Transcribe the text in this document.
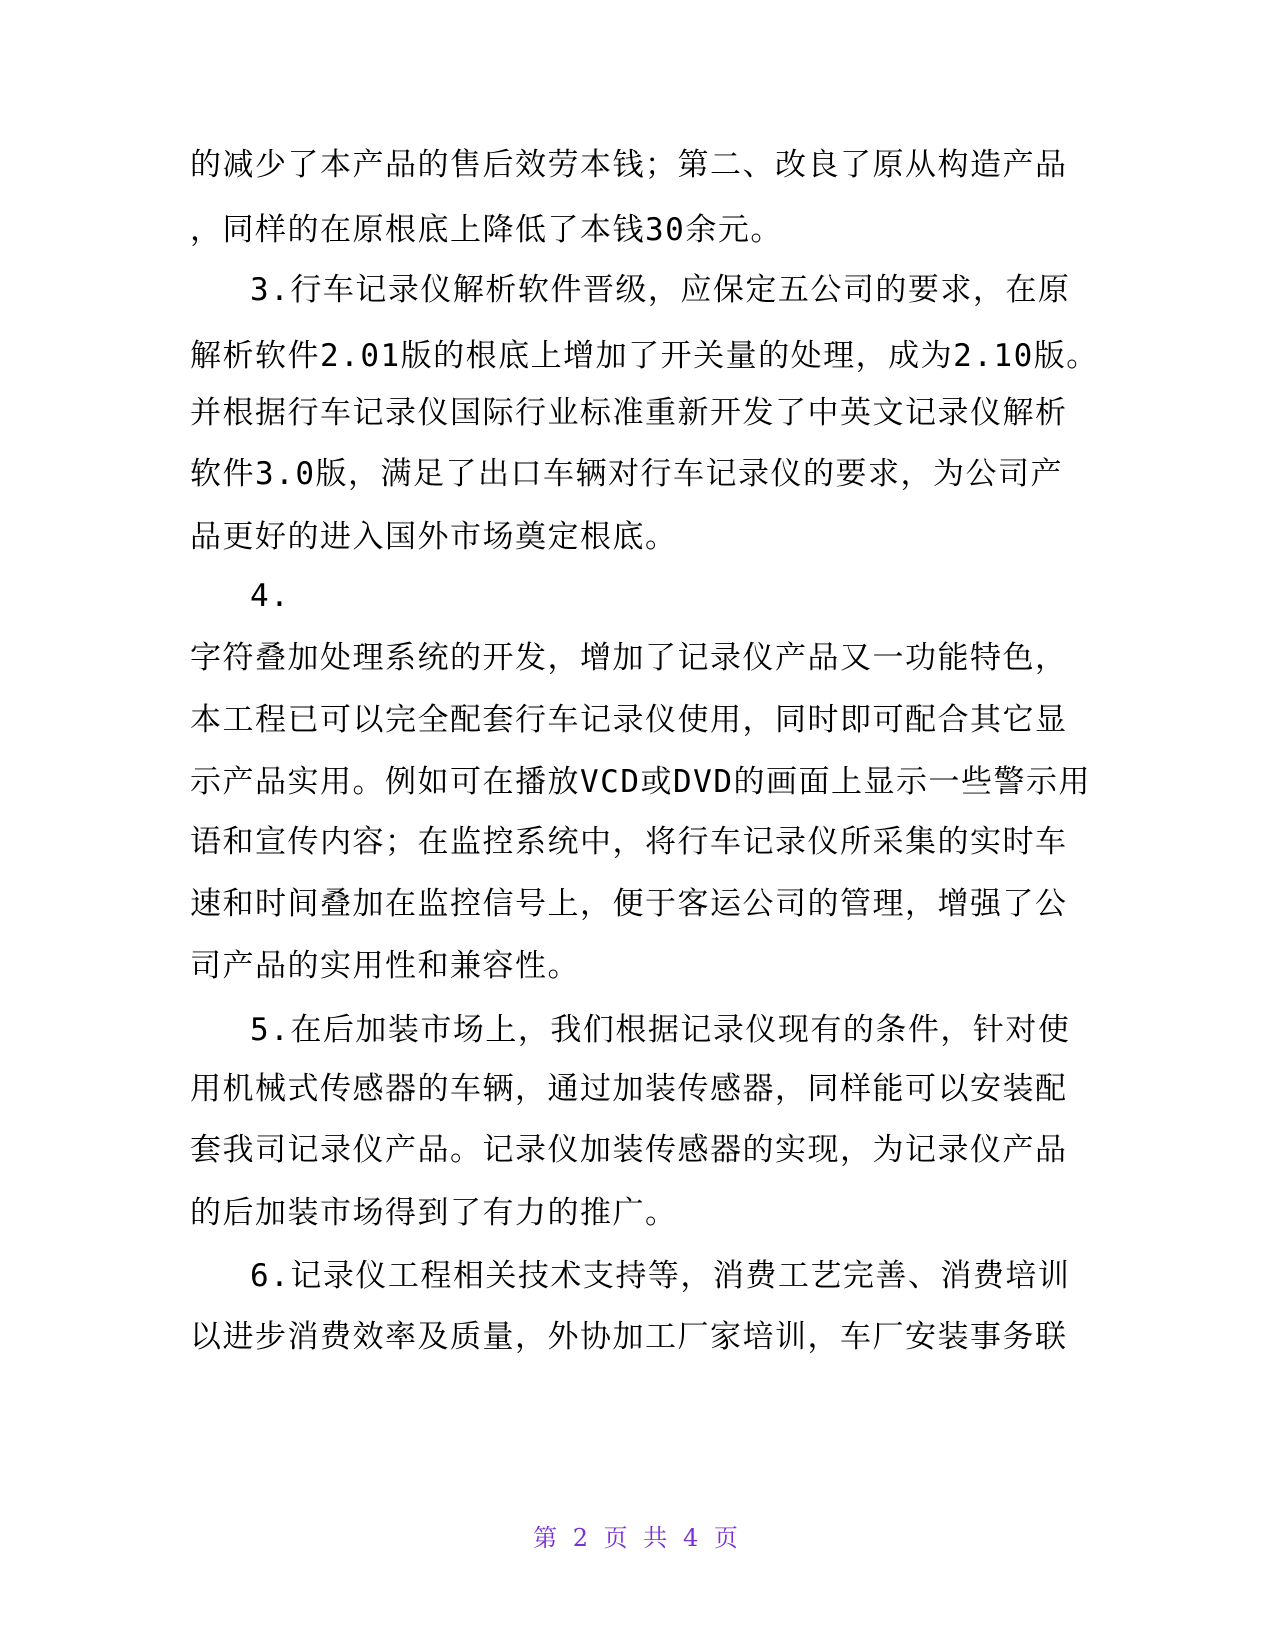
的减少了本产品的售后效劳本钱；第二、改良了原从构造产品
，同样的在原根底上降低了本钱30余元。
3.行车记录仪解析软件晋级，应保定五公司的要求，在原
解析软件2.01版的根底上增加了开关量的处理，成为2.10版。
并根据行车记录仪国际行业标准重新开发了中英文记录仪解析
软件3.0版，满足了出口车辆对行车记录仪的要求，为公司产
品更好的进入国外市场奠定根底。
4.
字符叠加处理系统的开发，增加了记录仪产品又一功能特色，
本工程已可以完全配套行车记录仪使用，同时即可配合其它显
示产品实用。例如可在播放VCD或DVD的画面上显示一些警示用
语和宣传内容；在监控系统中，将行车记录仪所采集的实时车
速和时间叠加在监控信号上，便于客运公司的管理，增强了公
司产品的实用性和兼容性。
5.在后加装市场上，我们根据记录仪现有的条件，针对使
用机械式传感器的车辆，通过加装传感器，同样能可以安装配
套我司记录仪产品。记录仪加装传感器的实现，为记录仪产品
的后加装市场得到了有力的推广。
6.记录仪工程相关技术支持等，消费工艺完善、消费培训
以进步消费效率及质量，外协加工厂家培训，车厂安装事务联
第 2 页 共 4 页
